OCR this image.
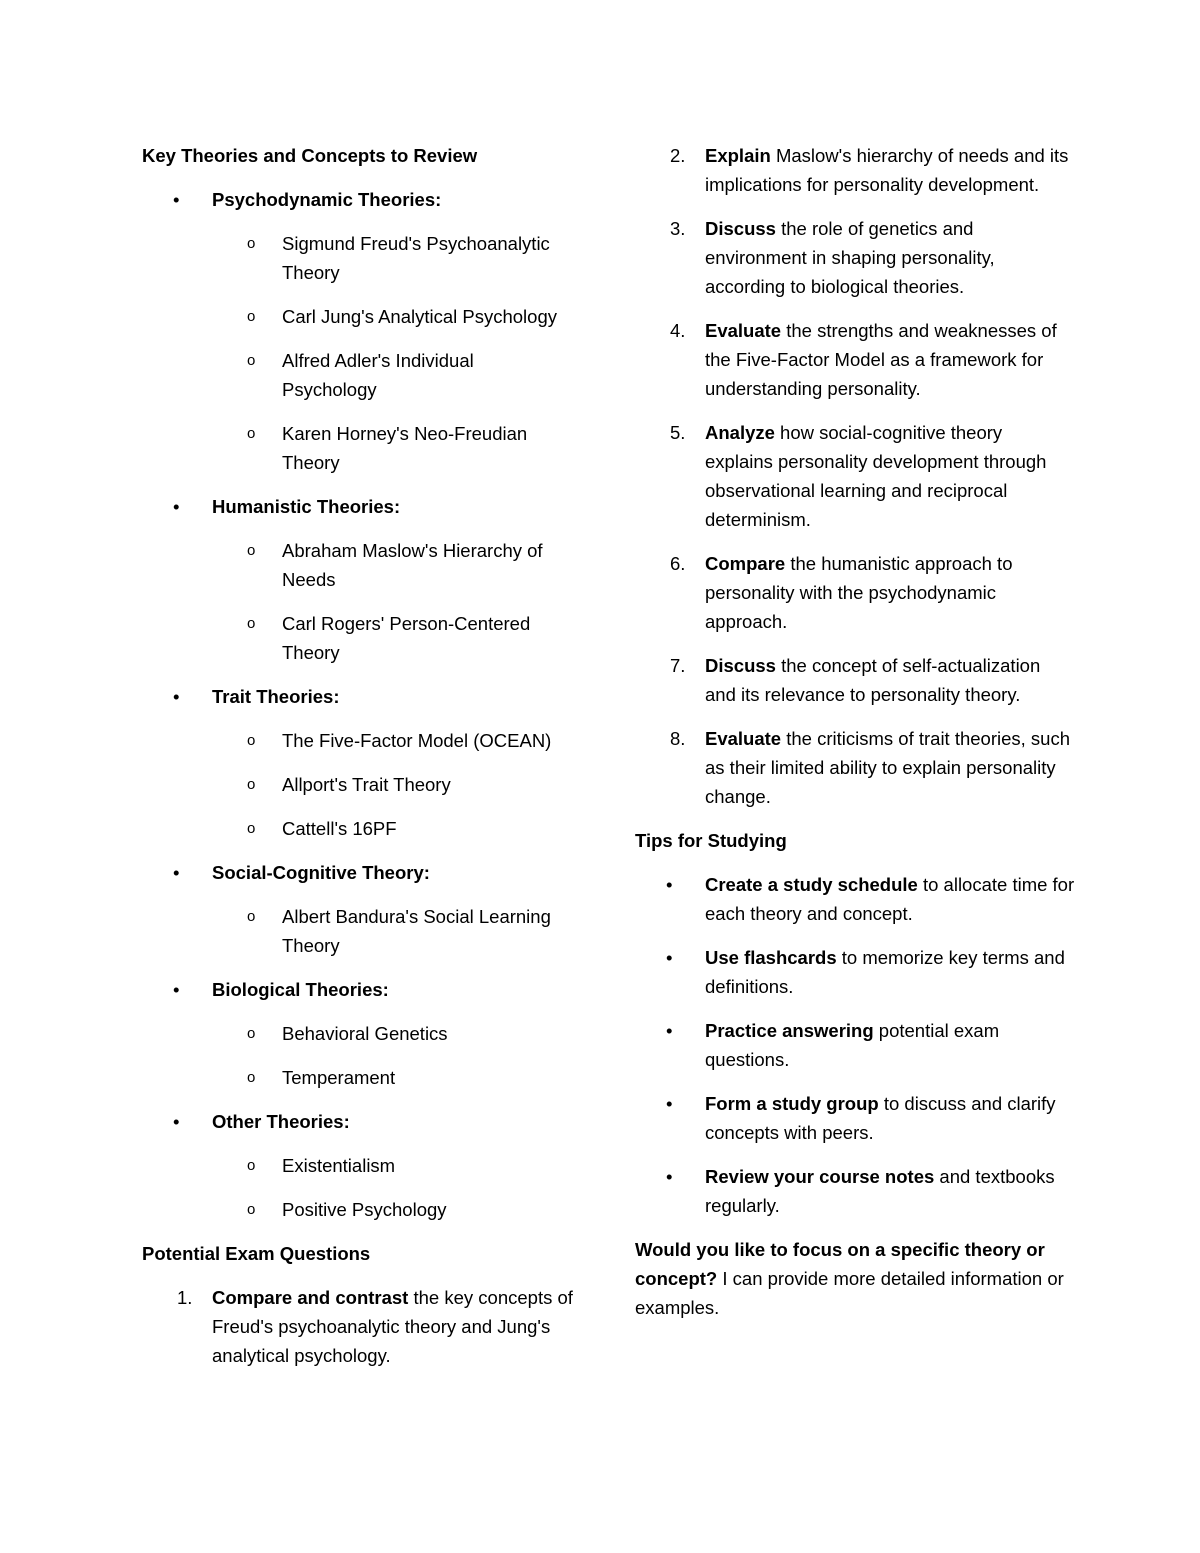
Key Theories and Concepts to Review

• Psychodynamic Theories:
o Sigmund Freud's Psychoanalytic Theory
o Carl Jung's Analytical Psychology
o Alfred Adler's Individual Psychology
o Karen Horney's Neo-Freudian Theory
• Humanistic Theories:
o Abraham Maslow's Hierarchy of Needs
o Carl Rogers' Person-Centered Theory
• Trait Theories:
o The Five-Factor Model (OCEAN)
o Allport's Trait Theory
o Cattell's 16PF
• Social-Cognitive Theory:
o Albert Bandura's Social Learning Theory
• Biological Theories:
o Behavioral Genetics
o Temperament
• Other Theories:
o Existentialism
o Positive Psychology

Potential Exam Questions

1. Compare and contrast the key concepts of Freud's psychoanalytic theory and Jung's analytical psychology.
2. Explain Maslow's hierarchy of needs and its implications for personality development.
3. Discuss the role of genetics and environment in shaping personality, according to biological theories.
4. Evaluate the strengths and weaknesses of the Five-Factor Model as a framework for understanding personality.
5. Analyze how social-cognitive theory explains personality development through observational learning and reciprocal determinism.
6. Compare the humanistic approach to personality with the psychodynamic approach.
7. Discuss the concept of self-actualization and its relevance to personality theory.
8. Evaluate the criticisms of trait theories, such as their limited ability to explain personality change.

Tips for Studying

• Create a study schedule to allocate time for each theory and concept.
• Use flashcards to memorize key terms and definitions.
• Practice answering potential exam questions.
• Form a study group to discuss and clarify concepts with peers.
• Review your course notes and textbooks regularly.

Would you like to focus on a specific theory or concept? I can provide more detailed information or examples.
